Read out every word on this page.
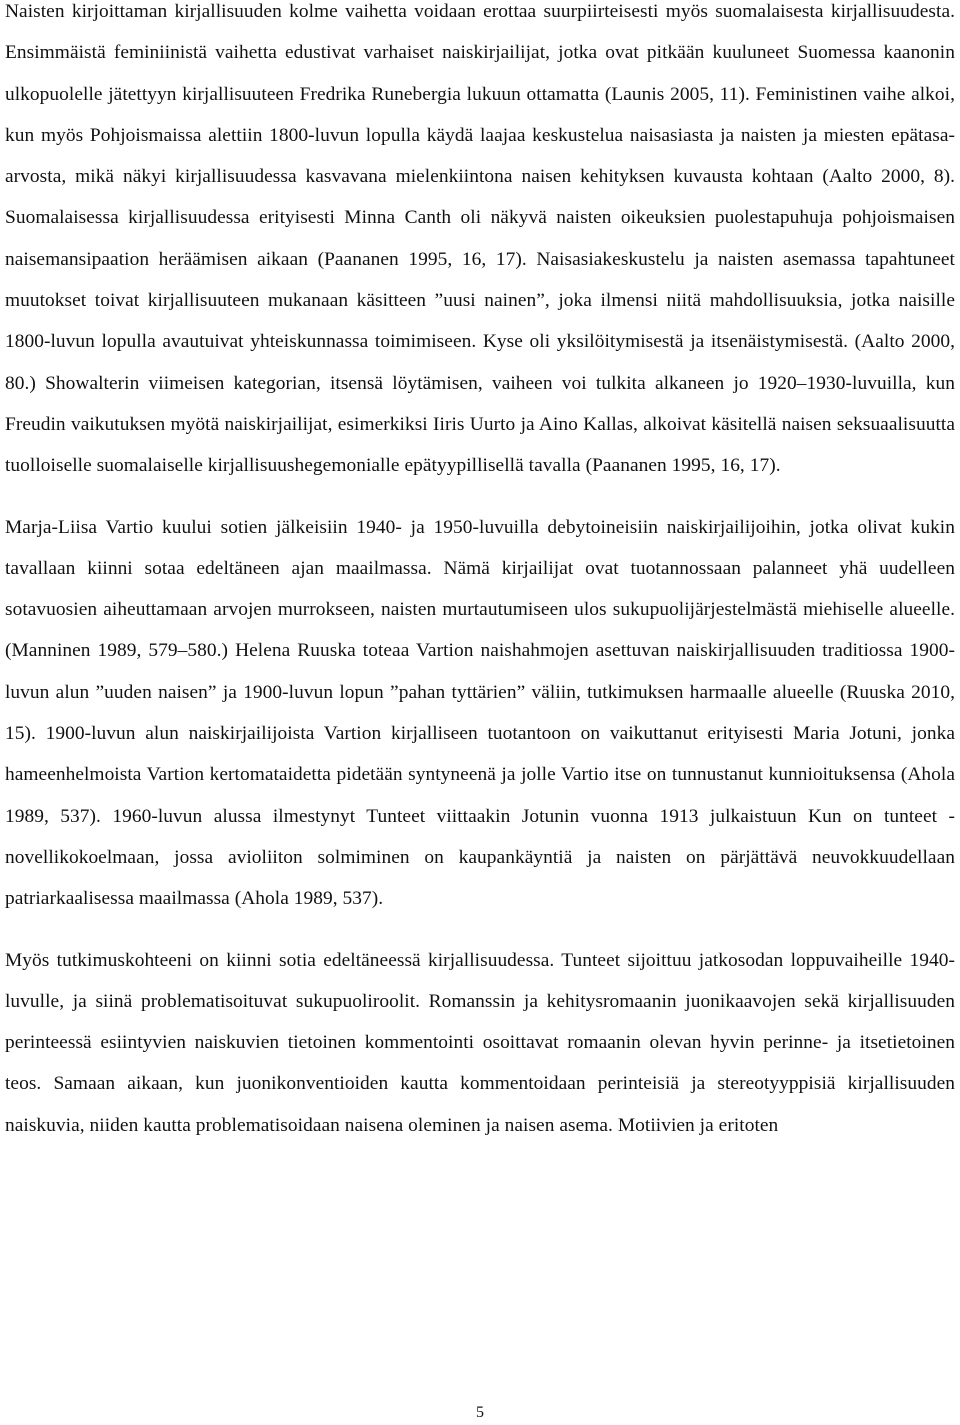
Naisten kirjoittaman kirjallisuuden kolme vaihetta voidaan erottaa suurpiirteisesti myös suomalaisesta kirjallisuudesta. Ensimmäistä feminiinistä vaihetta edustivat varhaiset naiskirjailijat, jotka ovat pitkään kuuluneet Suomessa kaanonin ulkopuolelle jätettyyn kirjallisuuteen Fredrika Runebergia lukuun ottamatta (Launis 2005, 11). Feministinen vaihe alkoi, kun myös Pohjoismaissa alettiin 1800-luvun lopulla käydä laajaa keskustelua naisasiasta ja naisten ja miesten epätasa-arvosta, mikä näkyi kirjallisuudessa kasvavana mielenkiintona naisen kehityksen kuvausta kohtaan (Aalto 2000, 8). Suomalaisessa kirjallisuudessa erityisesti Minna Canth oli näkyvä naisten oikeuksien puolestapuhuja pohjoismaisen naisemansipaation heräämisen aikaan (Paananen 1995, 16, 17). Naisasiakeskustelu ja naisten asemassa tapahtuneet muutokset toivat kirjallisuuteen mukanaan käsitteen ”uusi nainen”, joka ilmensi niitä mahdollisuuksia, jotka naisille 1800-luvun lopulla avautuivat yhteiskunnassa toimimiseen. Kyse oli yksilöitymisestä ja itsenäistymisestä. (Aalto 2000, 80.) Showalterin viimeisen kategorian, itsensä löytämisen, vaiheen voi tulkita alkaneen jo 1920–1930-luvuilla, kun Freudin vaikutuksen myötä naiskirjailijat, esimerkiksi Iiris Uurto ja Aino Kallas, alkoivat käsitellä naisen seksuaalisuutta tuolloiselle suomalaiselle kirjallisuushegemonialle epätyypillisellä tavalla (Paananen 1995, 16, 17).

Marja-Liisa Vartio kuului sotien jälkeisiin 1940- ja 1950-luvuilla debytoineisiin naiskirjailijoihin, jotka olivat kukin tavallaan kiinni sotaa edeltäneen ajan maailmassa. Nämä kirjailijat ovat tuotannossaan palanneet yhä uudelleen sotavuosien aiheuttamaan arvojen murrokseen, naisten murtautumiseen ulos sukupuolijärjestelmästä miehiselle alueelle. (Manninen 1989, 579–580.) Helena Ruuska toteaa Vartion naishahmojen asettuvan naiskirjallisuuden traditiossa 1900-luvun alun ”uuden naisen” ja 1900-luvun lopun ”pahan tyttärien” väliin, tutkimuksen harmaalle alueelle (Ruuska 2010, 15). 1900-luvun alun naiskirjailijoista Vartion kirjalliseen tuotantoon on vaikuttanut erityisesti Maria Jotuni, jonka hameenhelmoista Vartion kertomataidetta pidetään syntyneenä ja jolle Vartio itse on tunnustanut kunnioituksensa (Ahola 1989, 537). 1960-luvun alussa ilmestynyt Tunteet viittaakin Jotunin vuonna 1913 julkaistuun Kun on tunteet -novellikokoelmaan, jossa avioliiton solmiminen on kaupankäyntiä ja naisten on pärjättävä neuvokkuudellaan patriarkaalisessa maailmassa (Ahola 1989, 537).

Myös tutkimuskohteeni on kiinni sotia edeltäneessä kirjallisuudessa. Tunteet sijoittuu jatkosodan loppuvaiheille 1940-luvulle, ja siinä problematisoituvat sukupuoliroolit. Romanssin ja kehitysromaanin juonikaavojen sekä kirjallisuuden perinteessä esiintyvien naiskuvien tietoinen kommentointi osoittavat romaanin olevan hyvin perinne- ja itsetietoinen teos. Samaan aikaan, kun juonikonventioiden kautta kommentoidaan perinteisiä ja stereotyyppisiä kirjallisuuden naiskuvia, niiden kautta problematisoidaan naisena oleminen ja naisen asema. Motiivien ja eritoten

5
